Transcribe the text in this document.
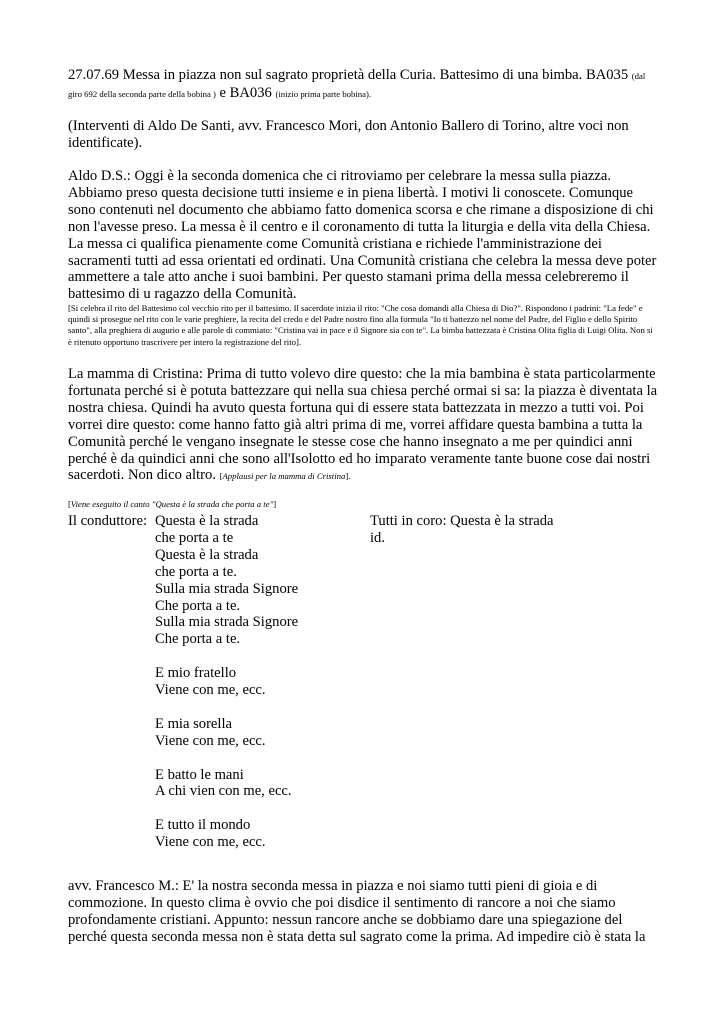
27.07.69 Messa in piazza non sul sagrato proprietà della Curia. Battesimo di una bimba. BA035 (dal giro 692 della seconda parte della bobina ) e BA036 (inizio prima parte bobina).

(Interventi di Aldo De Santi, avv. Francesco Mori, don Antonio Ballero di Torino, altre voci non identificate).

Aldo D.S.: Oggi è la seconda domenica che ci ritroviamo per celebrare la messa sulla piazza. Abbiamo preso questa decisione tutti insieme e in piena libertà. I motivi li conoscete. Comunque sono contenuti nel documento che abbiamo fatto domenica scorsa e che rimane a disposizione di chi non l'avesse preso. La messa è il centro e il coronamento di tutta la liturgia e della vita della Chiesa. La messa ci qualifica pienamente come Comunità cristiana e richiede l'amministrazione dei sacramenti tutti ad essa orientati ed ordinati. Una Comunità cristiana che celebra la messa deve poter ammettere a tale atto anche i suoi bambini. Per questo stamani prima della messa celebreremo il battesimo di u ragazzo della Comunità.

[Si celebra il rito del Battesimo col vecchio rito per il battesimo. Il sacerdote inizia il rito: "Che cosa domandi alla Chiesa di Dio?". Rispondono i padrini: "La fede" e quindi si prosegue nel rito con le varie preghiere, la recita del credo e del Padre nostro fino alla formula "Io ti battezzo nel nome del Padre, del Figlio e dello Spirito santo", alla preghiera di augurio e alle parole di commiato: "Cristina vai in pace e il Signore sia con te". La bimba battezzata è Cristina Olita figlia di Luigi Olita. Non si è ritenuto opportuno trascrivere per intero la registrazione del rito].

La mamma di Cristina: Prima di tutto volevo dire questo: che la mia bambina è stata particolarmente fortunata perché si è potuta battezzare qui nella sua chiesa perché ormai si sa: la piazza è diventata la nostra chiesa. Quindi ha avuto questa fortuna qui di essere stata battezzata in mezzo a tutti voi. Poi vorrei dire questo: come hanno fatto già altri prima di me, vorrei affidare questa bambina a tutta la Comunità perché le vengano insegnate le stesse cose che hanno insegnato a me per quindici anni perché è da quindici anni che sono all'Isolotto ed ho imparato veramente tante buone cose dai nostri sacerdoti. Non dico altro. [Applausi per la mamma di Cristina].

[Viene eseguito il canto "Questa è la strada che porta a te"]

Il conduttore: Questa è la strada
che porta a te
Questa è la strada
che porta a te.
Sulla mia strada Signore
Che porta a te.
Sulla mia strada Signore
Che porta a te.
E mio fratello
Viene con me, ecc.
E mia sorella
Viene con me, ecc.
E batto le mani
A chi vien con me, ecc.
E tutto il mondo
Viene con me, ecc.
Tutti in coro: Questa è la strada
id.

avv. Francesco M.: E' la nostra seconda messa in piazza e noi siamo tutti pieni di gioia e di commozione. In questo clima è ovvio che poi disdice il sentimento di rancore a noi che siamo profondamente cristiani. Appunto: nessun rancore anche se dobbiamo dare una spiegazione del perché questa seconda messa non è stata detta sul sagrato come la prima. Ad impedire ciò è stata la
